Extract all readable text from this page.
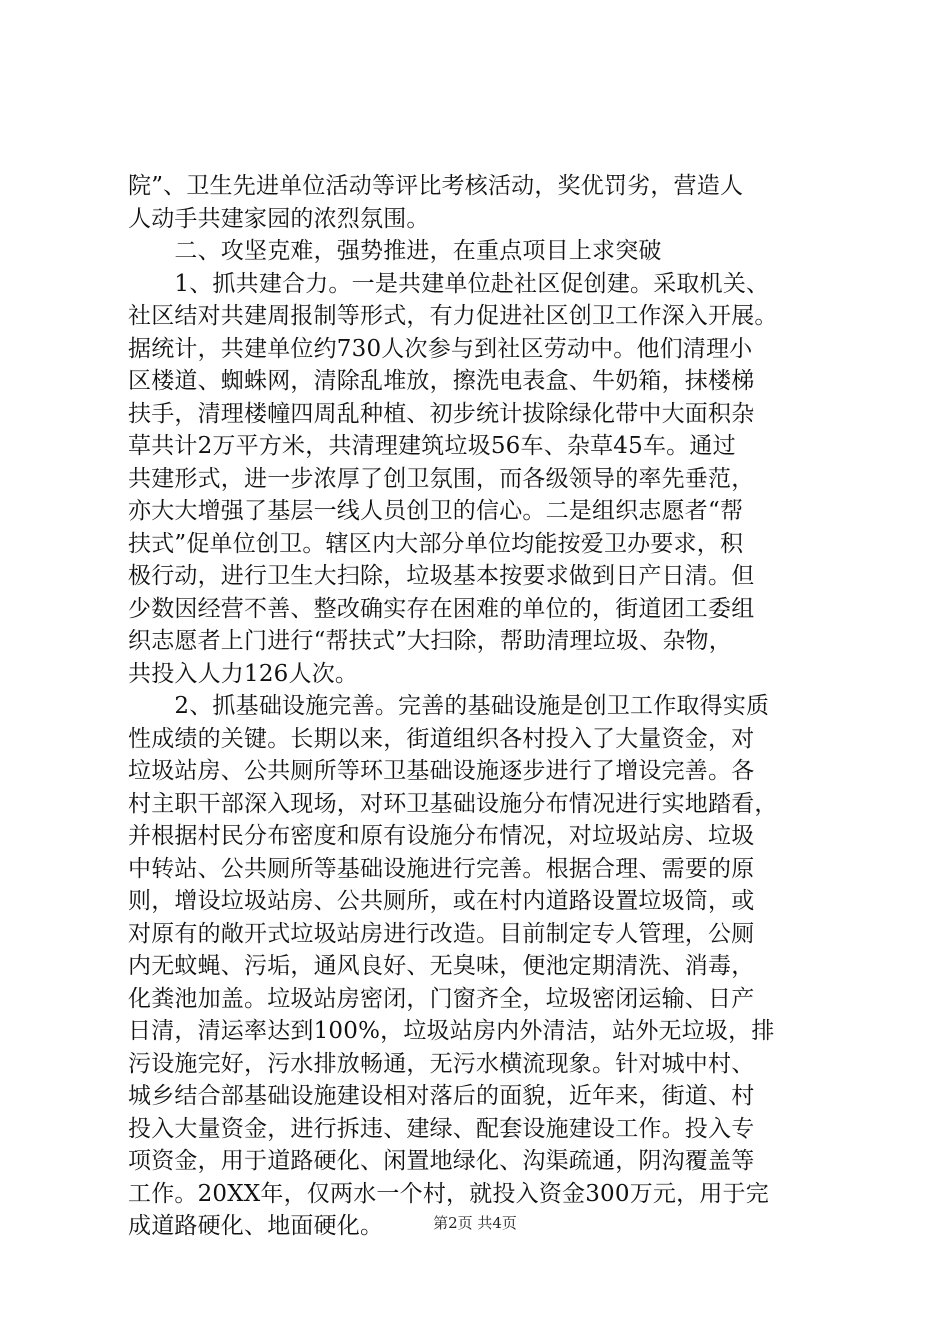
院”、卫生先进单位活动等评比考核活动，奖优罚劣，营造人
人动手共建家园的浓烈氛围。
　　二、攻坚克难，强势推进，在重点项目上求突破
　　1、抓共建合力。一是共建单位赴社区促创建。采取机关、
社区结对共建周报制等形式，有力促进社区创卫工作深入开展。
据统计，共建单位约730人次参与到社区劳动中。他们清理小
区楼道、蜘蛛网，清除乱堆放，擦洗电表盒、牛奶箱，抹楼梯
扶手，清理楼幢四周乱种植、初步统计拔除绿化带中大面积杂
草共计2万平方米，共清理建筑垃圾56车、杂草45车。通过
共建形式，进一步浓厚了创卫氛围，而各级领导的率先垂范，
亦大大增强了基层一线人员创卫的信心。二是组织志愿者“帮
扶式”促单位创卫。辖区内大部分单位均能按爱卫办要求，积
极行动，进行卫生大扫除，垃圾基本按要求做到日产日清。但
少数因经营不善、整改确实存在困难的单位的，街道团工委组
织志愿者上门进行“帮扶式”大扫除，帮助清理垃圾、杂物，
共投入人力126人次。
　　2、抓基础设施完善。完善的基础设施是创卫工作取得实质
性成绩的关键。长期以来，街道组织各村投入了大量资金，对
垃圾站房、公共厕所等环卫基础设施逐步进行了增设完善。各
村主职干部深入现场，对环卫基础设施分布情况进行实地踏看，
并根据村民分布密度和原有设施分布情况，对垃圾站房、垃圾
中转站、公共厕所等基础设施进行完善。根据合理、需要的原
则，增设垃圾站房、公共厕所，或在村内道路设置垃圾筒，或
对原有的敞开式垃圾站房进行改造。目前制定专人管理，公厕
内无蚊蝇、污垢，通风良好、无臭味，便池定期清洗、消毒，
化粪池加盖。垃圾站房密闭，门窗齐全，垃圾密闭运输、日产
日清，清运率达到100%，垃圾站房内外清洁，站外无垃圾，排
污设施完好，污水排放畅通，无污水横流现象。针对城中村、
城乡结合部基础设施建设相对落后的面貌，近年来，街道、村
投入大量资金，进行拆违、建绿、配套设施建设工作。投入专
项资金，用于道路硬化、闲置地绿化、沟渠疏通，阴沟覆盖等
工作。20XX年，仅两水一个村，就投入资金300万元，用于完
成道路硬化、地面硬化。	第2页 共4页
